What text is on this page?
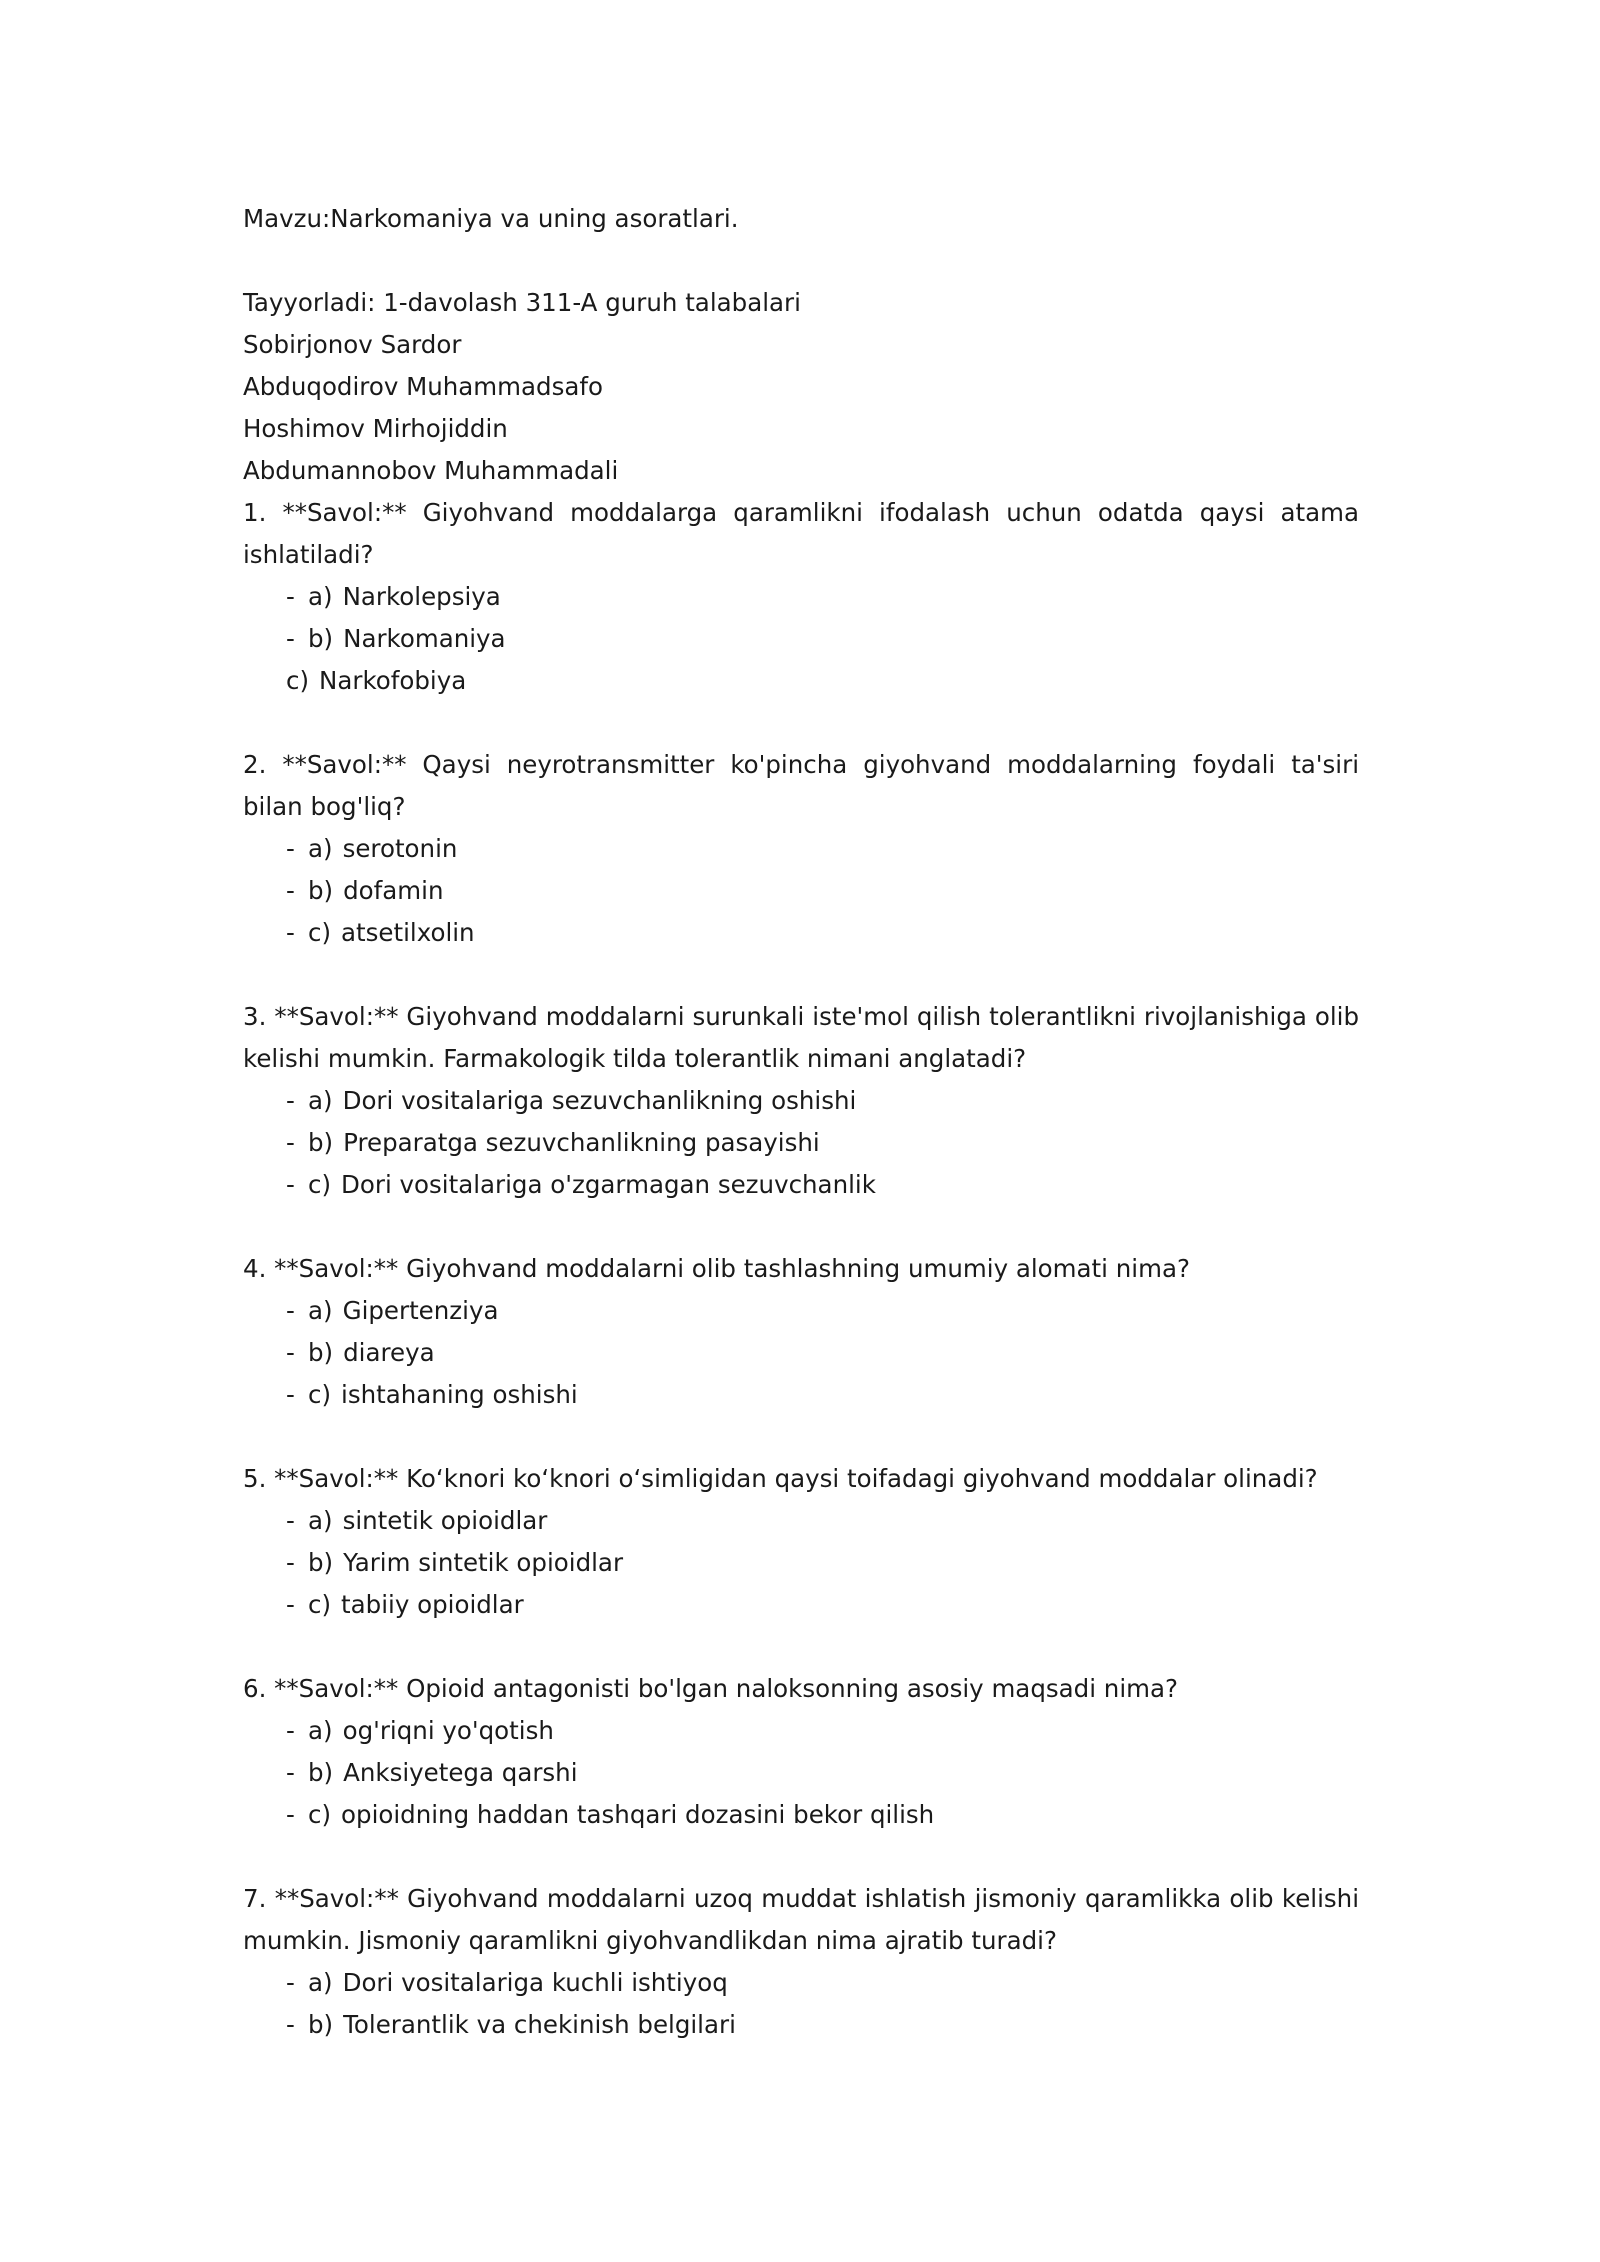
Mavzu:Narkomaniya va uning asoratlari.
Tayyorladi: 1-davolash 311-A guruh talabalari
Sobirjonov Sardor
Abduqodirov Muhammadsafo
Hoshimov Mirhojiddin
Abdumannobov Muhammadali
1. **Savol:** Giyohvand moddalarga qaramlikni ifodalash uchun odatda qaysi atama ishlatiladi?
- a) Narkolepsiya
- b) Narkomaniya
c) Narkofobiya
2. **Savol:** Qaysi neyrotransmitter ko'pincha giyohvand moddalarning foydali ta'siri bilan bog'liq?
- a) serotonin
- b) dofamin
- c) atsetilxolin
3. **Savol:** Giyohvand moddalarni surunkali iste'mol qilish tolerantlikni rivojlanishiga olib kelishi mumkin. Farmakologik tilda tolerantlik nimani anglatadi?
- a) Dori vositalariga sezuvchanlikning oshishi
- b) Preparatga sezuvchanlikning pasayishi
- c) Dori vositalariga o'zgarmagan sezuvchanlik
4. **Savol:** Giyohvand moddalarni olib tashlashning umumiy alomati nima?
- a) Gipertenziya
- b) diareya
- c) ishtahaning oshishi
5. **Savol:** Koʻknori koʻknori oʻsimligidan qaysi toifadagi giyohvand moddalar olinadi?
- a) sintetik opioidlar
- b) Yarim sintetik opioidlar
- c) tabiiy opioidlar
6. **Savol:** Opioid antagonisti bo'lgan naloksonning asosiy maqsadi nima?
- a) og'riqni yo'qotish
- b) Anksiyetega qarshi
- c) opioidning haddan tashqari dozasini bekor qilish
7. **Savol:** Giyohvand moddalarni uzoq muddat ishlatish jismoniy qaramlikka olib kelishi mumkin. Jismoniy qaramlikni giyohvandlikdan nima ajratib turadi?
- a) Dori vositalariga kuchli ishtiyoq
- b) Tolerantlik va chekinish belgilari
